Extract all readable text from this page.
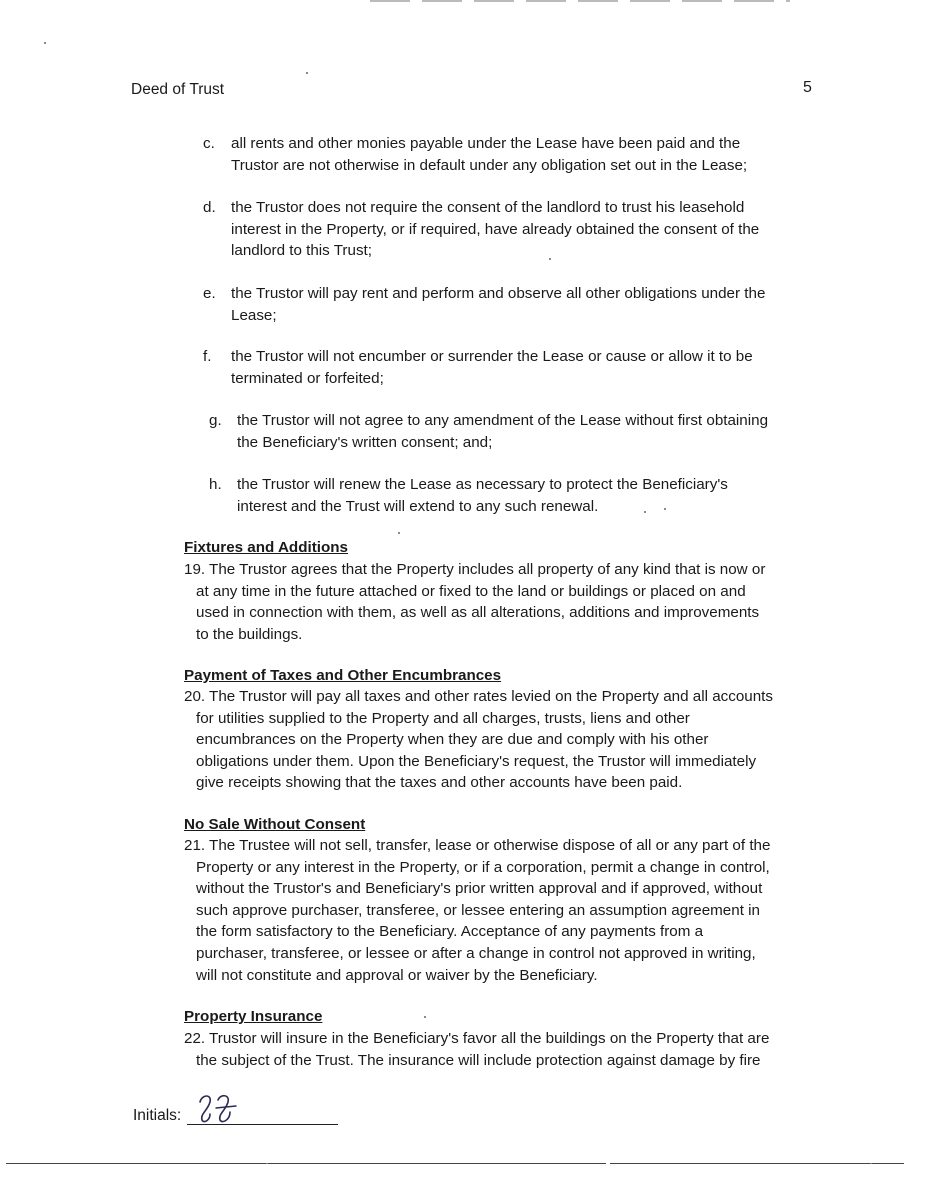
Deed of Trust	5
c. all rents and other monies payable under the Lease have been paid and the
Trustor are not otherwise in default under any obligation set out in the Lease;
d. the Trustor does not require the consent of the landlord to trust his leasehold
interest in the Property, or if required, have already obtained the consent of the
landlord to this Trust;
e. the Trustor will pay rent and perform and observe all other obligations under the
Lease;
f. the Trustor will not encumber or surrender the Lease or cause or allow it to be
terminated or forfeited;
g. the Trustor will not agree to any amendment of the Lease without first obtaining
the Beneficiary's written consent; and;
h. the Trustor will renew the Lease as necessary to protect the Beneficiary's
interest and the Trust will extend to any such renewal.
Fixtures and Additions
19. The Trustor agrees that the Property includes all property of any kind that is now or
at any time in the future attached or fixed to the land or buildings or placed on and
used in connection with them, as well as all alterations, additions and improvements
to the buildings.
Payment of Taxes and Other Encumbrances
20. The Trustor will pay all taxes and other rates levied on the Property and all accounts
for utilities supplied to the Property and all charges, trusts, liens and other
encumbrances on the Property when they are due and comply with his other
obligations under them. Upon the Beneficiary's request, the Trustor will immediately
give receipts showing that the taxes and other accounts have been paid.
No Sale Without Consent
21. The Trustee will not sell, transfer, lease or otherwise dispose of all or any part of the
Property or any interest in the Property, or if a corporation, permit a change in control,
without the Trustor's and Beneficiary's prior written approval and if approved, without
such approve purchaser, transferee, or lessee entering an assumption agreement in
the form satisfactory to the Beneficiary. Acceptance of any payments from a
purchaser, transferee, or lessee or after a change in control not approved in writing,
will not constitute and approval or waiver by the Beneficiary.
Property Insurance
22. Trustor will insure in the Beneficiary's favor all the buildings on the Property that are
the subject of the Trust. The insurance will include protection against damage by fire
Initials:
